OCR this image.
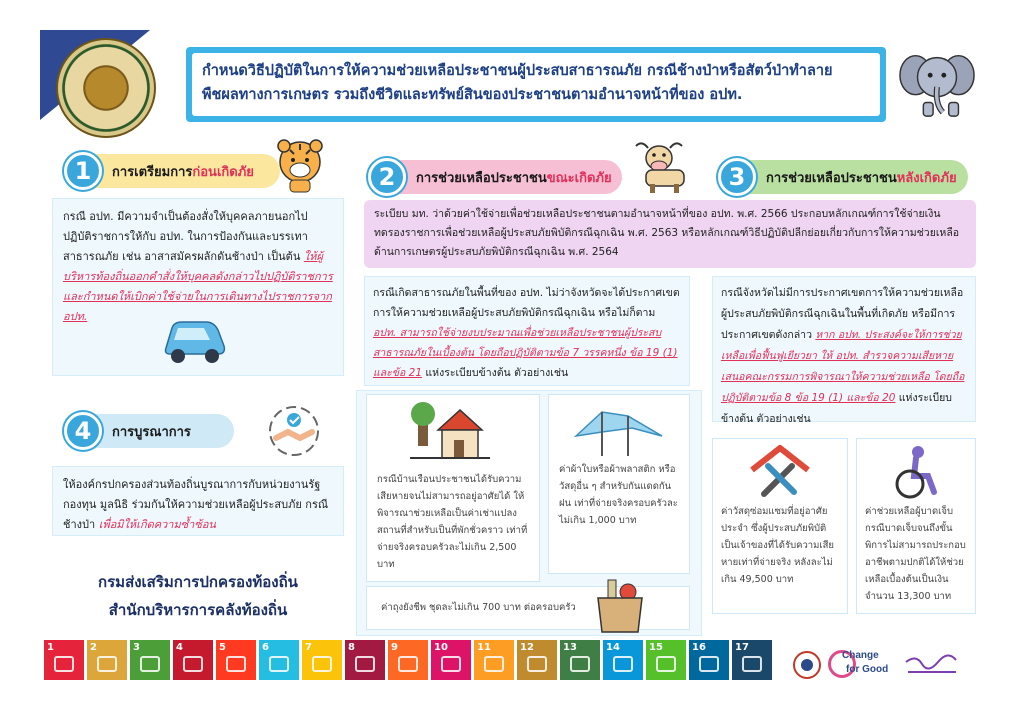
กำหนดวิธีปฏิบัติในการให้ความช่วยเหลือประชาชนผู้ประสบสาธารณภัย กรณีช้างป่าหรือสัตว์ป่าทำลาย

พืชผลทางการเกษตร รวมถึงชีวิตและทรัพย์สินของประชาชนตามอำนาจหน้าที่ของ อปท.

1	การเตรียมการก่อนเกิดภัย

กรณี อปท. มีความจำเป็นต้องสั่งให้บุคคลภายนอกไปปฏิบัติราชการให้กับ อปท. ในการป้องกันและบรรเทาสาธารณภัย เช่น อาสาสมัครผลักดันช้างป่า เป็นต้น ให้ผู้บริหารท้องถิ่นออกคำสั่งให้บุคคลดังกล่าวไปปฏิบัติราชการ และกำหนดให้เบิกค่าใช้จ่ายในการเดินทางไปราชการจาก อปท.

4	การบูรณาการ

ให้องค์กรปกครองส่วนท้องถิ่นบูรณาการกับหน่วยงานรัฐ กองทุน มูลนิธิ ร่วมกันให้ความช่วยเหลือผู้ประสบภัย กรณีช้างป่า เพื่อมิให้เกิดความซ้ำซ้อน

กรมส่งเสริมการปกครองท้องถิ่น

สำนักบริหารการคลังท้องถิ่น

2	การช่วยเหลือประชาชนขณะเกิดภัย	3	การช่วยเหลือประชาชนหลังเกิดภัย

ระเบียบ มท. ว่าด้วยค่าใช้จ่ายเพื่อช่วยเหลือประชาชนตามอำนาจหน้าที่ของ อปท. พ.ศ. 2566 ประกอบหลักเกณฑ์การใช้จ่ายเงินทดรองราชการเพื่อช่วยเหลือผู้ประสบภัยพิบัติกรณีฉุกเฉิน พ.ศ. 2563 หรือหลักเกณฑ์วิธีปฏิบัติปลีกย่อยเกี่ยวกับการให้ความช่วยเหลือด้านการเกษตรผู้ประสบภัยพิบัติกรณีฉุกเฉิน พ.ศ. 2564

กรณีเกิดสาธารณภัยในพื้นที่ของ อปท. ไม่ว่าจังหวัดจะได้ประกาศเขตการให้ความช่วยเหลือผู้ประสบภัยพิบัติกรณีฉุกเฉิน หรือไม่ก็ตาม อปท. สามารถใช้จ่ายงบประมาณเพื่อช่วยเหลือประชาชนผู้ประสบสาธารณภัยในเบื้องต้น โดยถือปฏิบัติตามข้อ 7 วรรคหนึ่ง ข้อ 19 (1) และข้อ 21 แห่งระเบียบข้างต้น ตัวอย่างเช่น

กรณีจังหวัดไม่มีการประกาศเขตการให้ความช่วยเหลือผู้ประสบภัยพิบัติกรณีฉุกเฉินในพื้นที่เกิดภัย หรือมีการประกาศเขตดังกล่าว หาก อปท. ประสงค์จะให้การช่วยเหลือเพื่อฟื้นฟูเยียวยา ให้ อปท. สำรวจความเสียหายเสนอคณะกรรมการพิจารณาให้ความช่วยเหลือ โดยถือปฏิบัติตามข้อ 8 ข้อ 19 (1) และข้อ 20 แห่งระเบียบข้างต้น ตัวอย่างเช่น

กรณีบ้านเรือนประชาชนได้รับความเสียหายจนไม่สามารถอยู่อาศัยได้ ให้พิจารณาช่วยเหลือเป็นค่าเช่าแปลงสถานที่สำหรับเป็นที่พักชั่วคราว เท่าที่จ่ายจริงครอบครัวละไม่เกิน 2,500 บาท

ค่าผ้าใบหรือผ้าพลาสติก หรือวัสดุอื่น ๆ สำหรับกันแดดกันฝน เท่าที่จ่ายจริงครอบครัวละไม่เกิน 1,000 บาท

ค่าถุงยังชีพ ชุดละไม่เกิน 700 บาท ต่อครอบครัว

ค่าวัสดุซ่อมแซมที่อยู่อาศัยประจำ ซึ่งผู้ประสบภัยพิบัติเป็นเจ้าของที่ได้รับความเสียหายเท่าที่จ่ายจริง หลังละไม่เกิน 49,500 บาท

ค่าช่วยเหลือผู้บาดเจ็บ กรณีบาดเจ็บจนถึงขั้นพิการไม่สามารถประกอบอาชีพตามปกติได้ให้ช่วยเหลือเบื้องต้นเป็นเงินจำนวน 13,300 บาท

1	2	3	4	5	6	7	8	9	10	11	12	13	14	15	16	17

Change

for Good
